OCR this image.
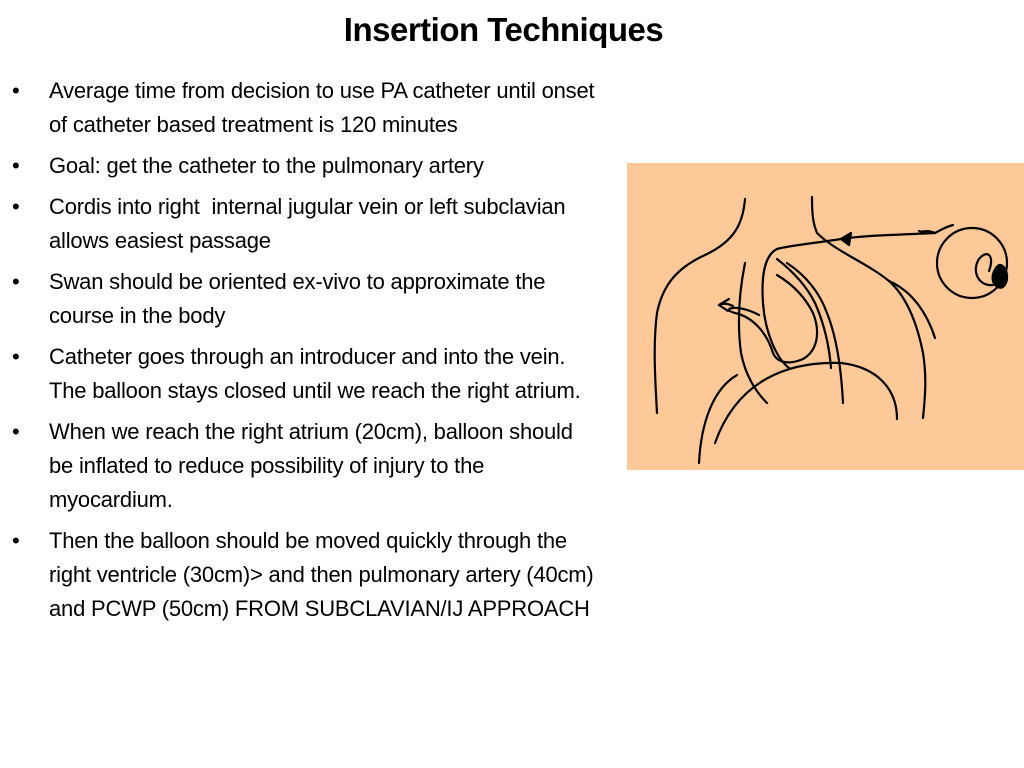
Insertion Techniques
• Average time from decision to use PA catheter until onset of catheter based treatment is 120 minutes
• Goal: get the catheter to the pulmonary artery
• Cordis into right  internal jugular vein or left subclavian allows easiest passage
• Swan should be oriented ex-vivo to approximate the course in the body
• Catheter goes through an introducer and into the vein. The balloon stays closed until we reach the right atrium.
• When we reach the right atrium (20cm), balloon should be inflated to reduce possibility of injury to the myocardium.
• Then the balloon should be moved quickly through the right ventricle (30cm)> and then pulmonary artery (40cm) and PCWP (50cm) FROM SUBCLAVIAN/IJ APPROACH
